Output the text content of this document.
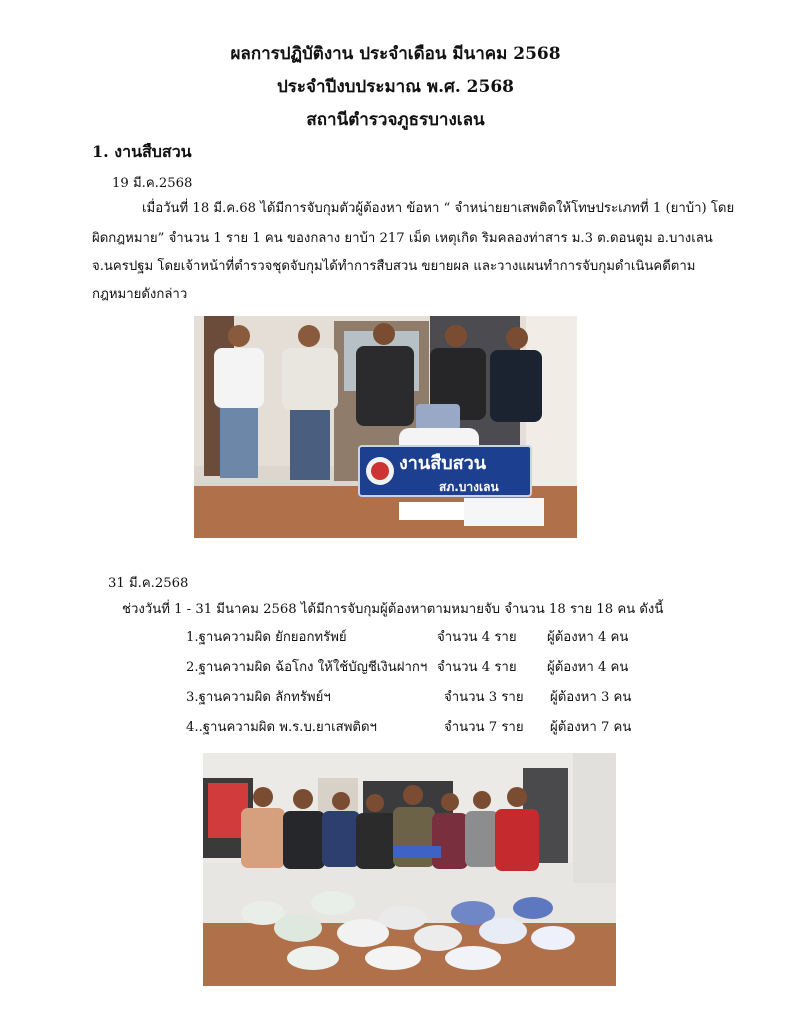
ผลการปฏิบัติงาน ประจำเดือน มีนาคม 2568
ประจำปีงบประมาณ พ.ศ. 2568
สถานีตำรวจภูธรบางเลน
1. งานสืบสวน
19 มี.ค.2568
เมื่อวันที่ 18 มี.ค.68 ได้มีการจับกุมตัวผู้ต้องหา ข้อหา “ จำหน่ายยาเสพติดให้โทษประเภทที่ 1 (ยาบ้า) โดย
ผิดกฎหมาย” จำนวน 1 ราย 1 คน ของกลาง ยาบ้า 217 เม็ด เหตุเกิด ริมคลองท่าสาร ม.3 ต.ดอนตูม อ.บางเลน
จ.นครปฐม โดยเจ้าหน้าที่ตำรวจชุดจับกุมได้ทำการสืบสวน ขยายผล และวางแผนทำการจับกุมดำเนินคดีตาม
กฎหมายดังกล่าว
งานสืบสวน
สภ.บางเลน
31 มี.ค.2568
ช่วงวันที่ 1 - 31 มีนาคม 2568 ได้มีการจับกุมผู้ต้องหาตามหมายจับ จำนวน 18 ราย 18 คน ดังนี้
1.ฐานความผิด ยักยอกทรัพย์	จำนวน 4 ราย ผู้ต้องหา 4 คน
2.ฐานความผิด ฉ้อโกง ให้ใช้บัญชีเงินฝากฯ จำนวน 4 ราย ผู้ต้องหา 4 คน
3.ฐานความผิด ลักทรัพย์ฯ	จำนวน 3 ราย ผู้ต้องหา 3 คน
4..ฐานความผิด พ.ร.บ.ยาเสพติดฯ	จำนวน 7 ราย ผู้ต้องหา 7 คน
